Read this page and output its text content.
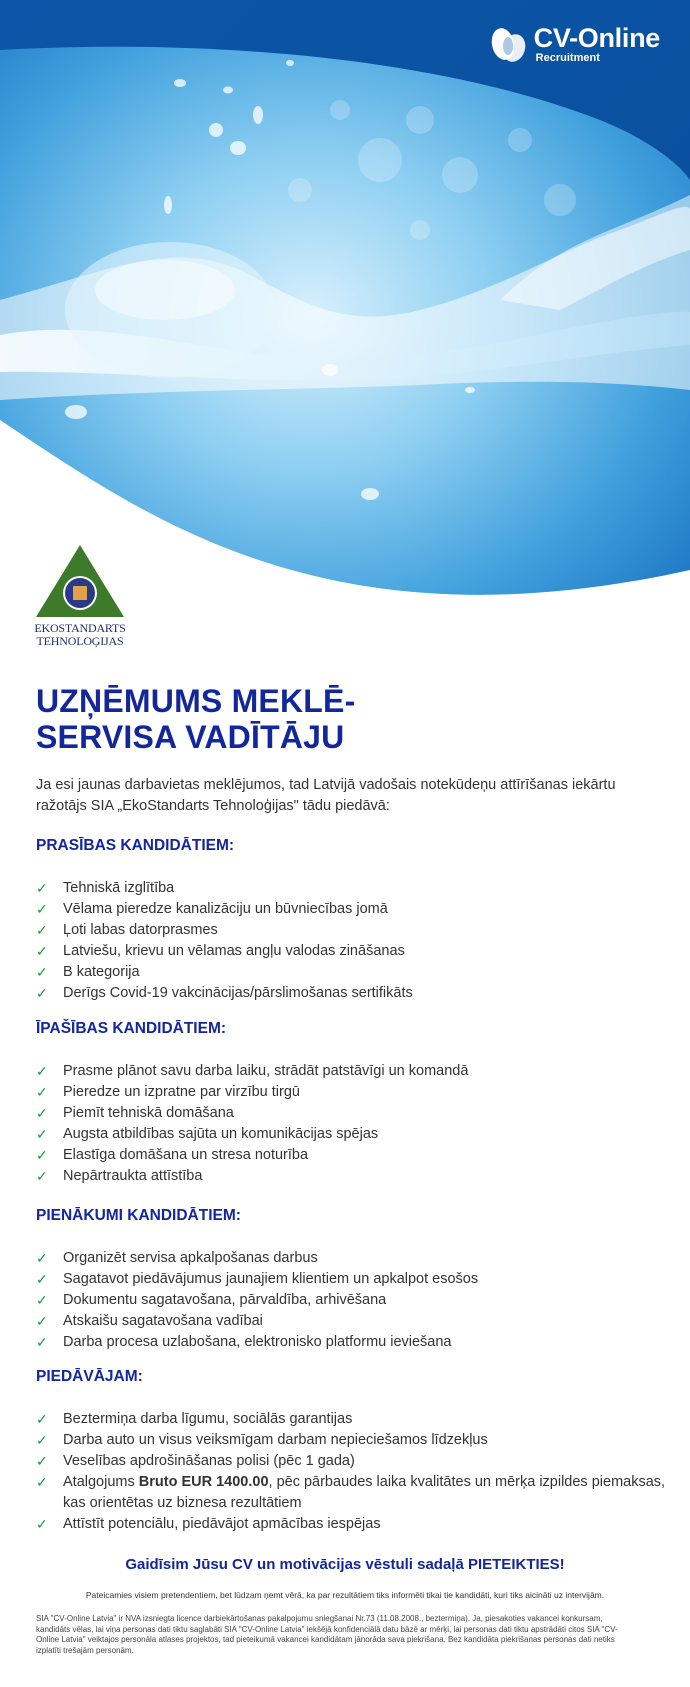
CV-Online
Recruitment
EKOSTANDARTS
TEHNOLOĢIJAS
UZŅĒMUMS MEKLĒ-
SERVISA VADĪTĀJU

Ja esi jaunas darbavietas meklējumos, tad Latvijā vadošais notekūdeņu attīrīšanas iekārtu ražotājs SIA „EkoStandarts Tehnoloģijas" tādu piedāvā:

PRASĪBAS KANDIDĀTIEM:
✓ Tehniskā izglītība
✓ Vēlama pieredze kanalizāciju un būvniecības jomā
✓ Ļoti labas datorprasmes
✓ Latviešu, krievu un vēlamas angļu valodas zināšanas
✓ B kategorija
✓ Derīgs Covid-19 vakcinācijas/pārslimošanas sertifikāts
ĪPAŠĪBAS KANDIDĀTIEM:
✓ Prasme plānot savu darba laiku, strādāt patstāvīgi un komandā
✓ Pieredze un izpratne par virzību tirgū
✓ Piemīt tehniskā domāšana
✓ Augsta atbildības sajūta un komunikācijas spējas
✓ Elastīga domāšana un stresa noturība
✓ Nepārtraukta attīstība
PIENĀKUMI KANDIDĀTIEM:
✓ Organizēt servisa apkalpošanas darbus
✓ Sagatavot piedāvājumus jaunajiem klientiem un apkalpot esošos
✓ Dokumentu sagatavošana, pārvaldība, arhivēšana
✓ Atskaišu sagatavošana vadībai
✓ Darba procesa uzlabošana, elektronisko platformu ieviešana
PIEDĀVĀJAM:
✓ Beztermiņa darba līgumu, sociālās garantijas
✓ Darba auto un visus veiksmīgam darbam nepieciešamos līdzekļus
✓ Veselības apdrošināšanas polisi (pēc 1 gada)
✓ Atalgojums Bruto EUR 1400.00, pēc pārbaudes laika kvalitātes un mērķa izpildes piemaksas, kas orientētas uz biznesa rezultātiem
✓ Attīstīt potenciālu, piedāvājot apmācības iespējas

Gaidīsim Jūsu CV un motivācijas vēstuli sadaļā PIETEIKTIES!

Pateicamies visiem pretendentiem, bet lūdzam ņemt vērā, ka par rezultātiem tiks informēti tikai tie kandidāti, kuri tiks aicināti uz intervijām.

SIA "CV-Online Latvia" ir NVA izsniegta licence darbiekārtošanas pakalpojumu sniegšanai Nr.73 (11.08.2008., beztermiņa). Ja, piesakoties vakancei konkursam, kandidāts vēlas, lai viņa personas dati tiktu saglabāti SIA "CV-Online Latvia" iekšējā konfidenciālā datu bāzē ar mērķi, lai personas dati tiktu apstrādāti citos SIA "CV-Online Latvia" veiktajos personāla atlases projektos, tad pieteikumā vakancei kandidātam jānorāda sava piekrišana. Bez kandidāta piekrišanas personas dati netiks izplatīti trešajām personām.
